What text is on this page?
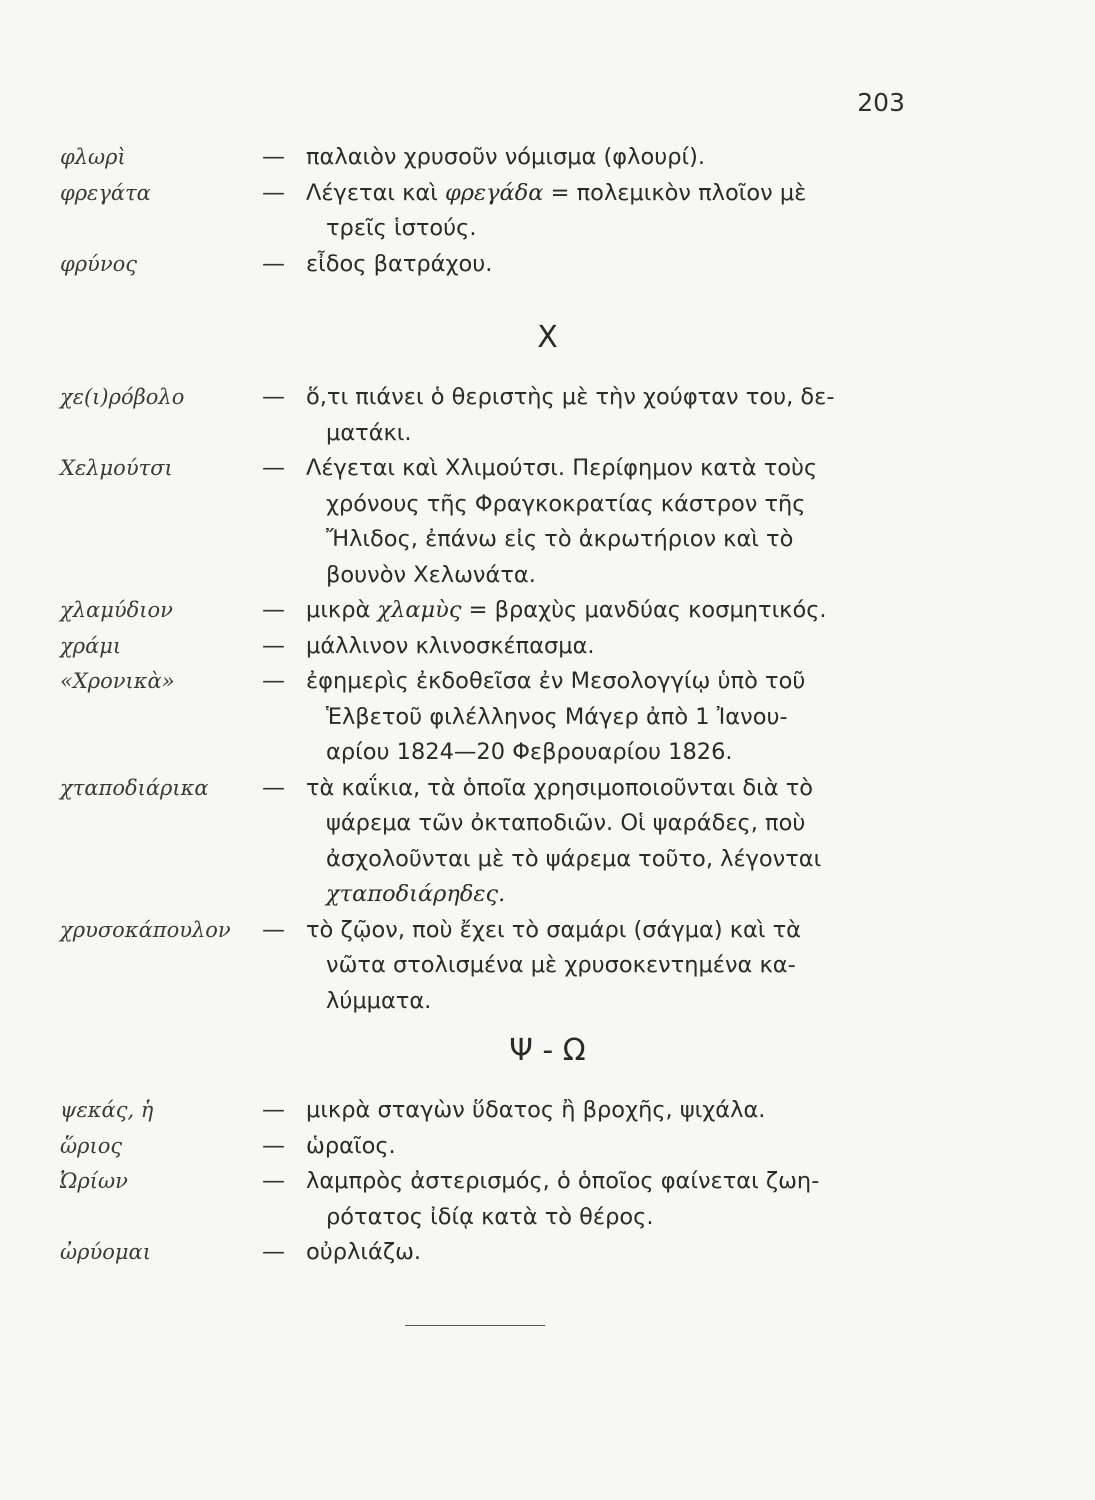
203
φλωρὶ	— παλαιὸν χρυσοῦν νόμισμα (φλουρί).
φρεγάτα	— Λέγεται καὶ φρεγάδα = πολεμικὸν πλοῖον μὲ
τρεῖς ἱστούς.
φρύνος	— εἶδος βατράχου.
Χ
χε(ι)ρόβολο	— ὅ,τι πιάνει ὁ θεριστὴς μὲ τὴν χούφταν του, δε-
ματάκι.
Χελμούτσι	— Λέγεται καὶ Χλιμούτσι. Περίφημον κατὰ τοὺς
χρόνους τῆς Φραγκοκρατίας κάστρον τῆς
Ἤλιδος, ἐπάνω εἰς τὸ ἀκρωτήριον καὶ τὸ
βουνὸν Χελωνάτα.
χλαμύδιον	— μικρὰ χλαμὺς = βραχὺς μανδύας κοσμητικός.
χράμι	— μάλλινον κλινοσκέπασμα.
«Χρονικὰ»	— ἐφημερὶς ἐκδοθεῖσα ἐν Μεσολογγίῳ ὑπὸ τοῦ
Ἑλβετοῦ φιλέλληνος Μάγερ ἀπὸ 1 Ἰανου-
αρίου 1824—20 Φεβρουαρίου 1826.
χταποδιάρικα — τὰ καΐκια, τὰ ὁποῖα χρησιμοποιοῦνται διὰ τὸ
ψάρεμα τῶν ὀκταποδιῶν. Οἱ ψαράδες, ποὺ
ἀσχολοῦνται μὲ τὸ ψάρεμα τοῦτο, λέγονται
χταποδιάρηδες.
χρυσοκάπουλον — τὸ ζῷον, ποὺ ἔχει τὸ σαμάρι (σάγμα) καὶ τὰ
νῶτα στολισμένα μὲ χρυσοκεντημένα κα-
λύμματα.
Ψ - Ω
ψεκάς, ἡ	— μικρὰ σταγὼν ὕδατος ἢ βροχῆς, ψιχάλα.
ὥριος	— ὡραῖος.
Ὠρίων	— λαμπρὸς ἀστερισμός, ὁ ὁποῖος φαίνεται ζωη-
ρότατος ἰδίᾳ κατὰ τὸ θέρος.
ὠρύομαι	— οὐρλιάζω.
